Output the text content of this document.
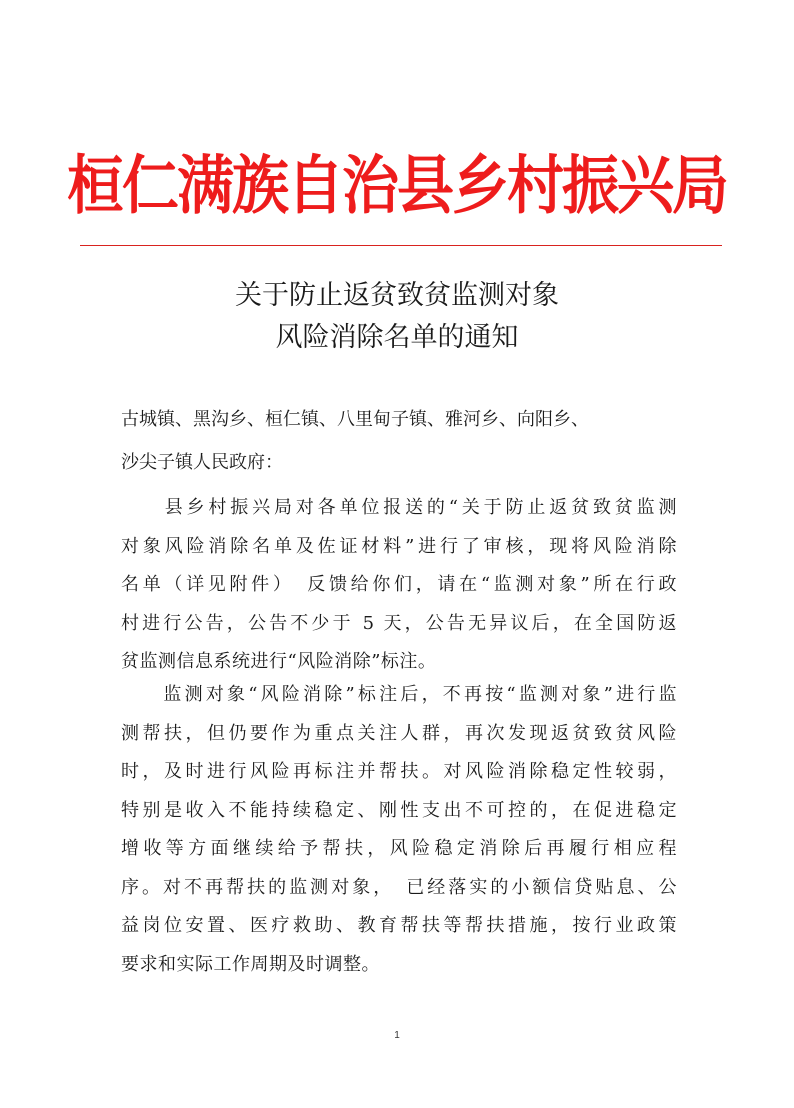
桓仁满族自治县乡村振兴局
关于防止返贫致贫监测对象
风险消除名单的通知
古城镇、黑沟乡、桓仁镇、八里甸子镇、雅河乡、向阳乡、
沙尖子镇人民政府：
　　县乡村振兴局对各单位报送的“关于防止返贫致贫监测
对象风险消除名单及佐证材料”进行了审核，现将风险消除
名单（详见附件）　反馈给你们，请在“监测对象”所在行政
村进行公告，公告不少于 5 天，公告无异议后，在全国防返
贫监测信息系统进行“风险消除”标注。
　　监测对象“风险消除”标注后，不再按“监测对象”进行监
测帮扶，但仍要作为重点关注人群，再次发现返贫致贫风险
时，及时进行风险再标注并帮扶。对风险消除稳定性较弱，
特别是收入不能持续稳定、刚性支出不可控的，在促进稳定
增收等方面继续给予帮扶，风险稳定消除后再履行相应程
序。对不再帮扶的监测对象，　已经落实的小额信贷贴息、公
益岗位安置、医疗救助、教育帮扶等帮扶措施，按行业政策
要求和实际工作周期及时调整。
1
